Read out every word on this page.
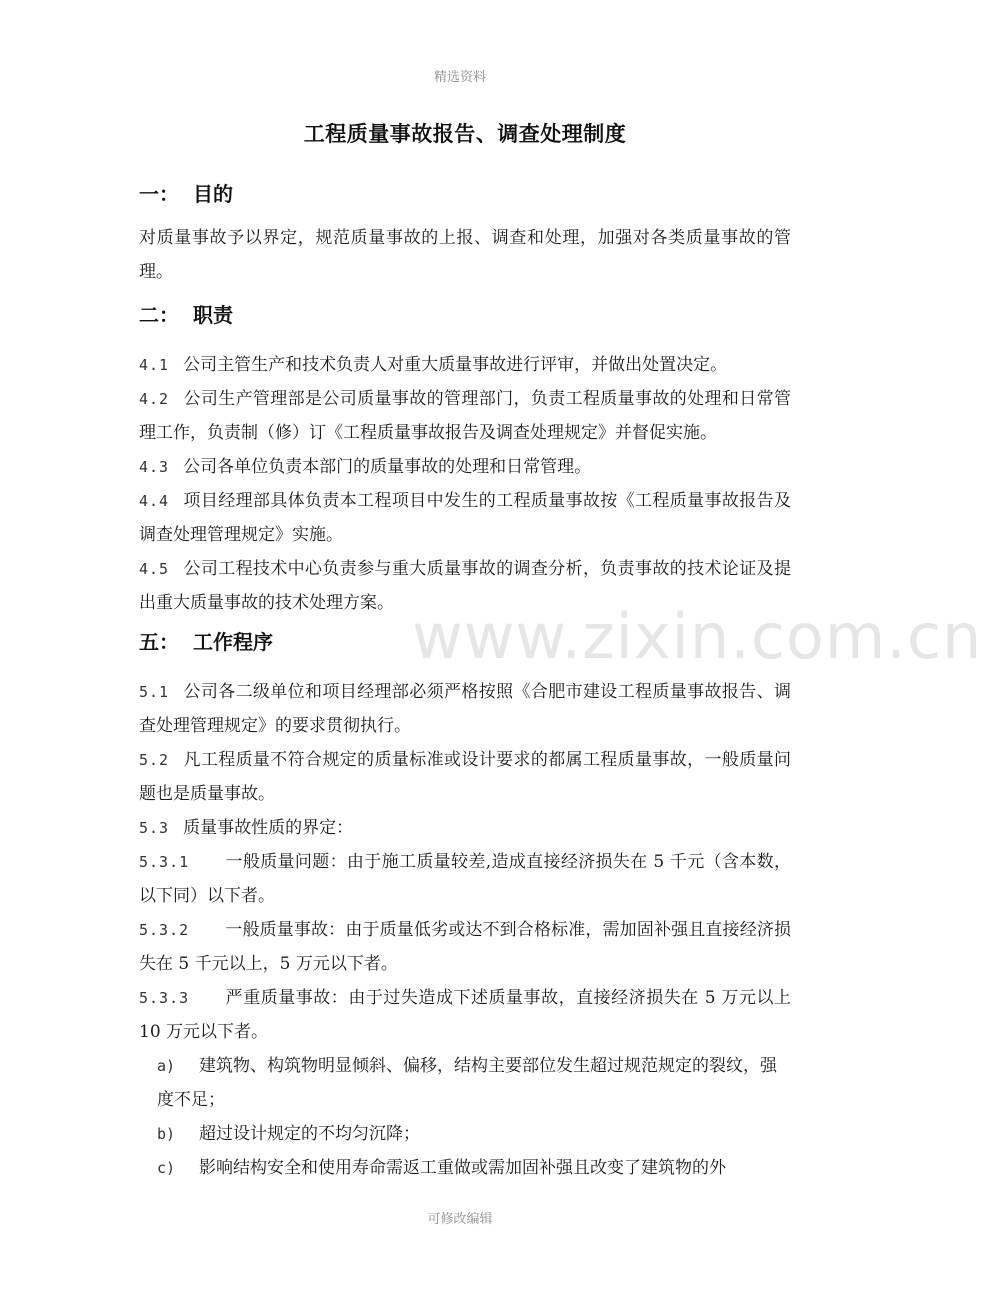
精选资料
www.zixin.com.cn
工程质量事故报告、调查处理制度
一： 目的

对质量事故予以界定，规范质量事故的上报、调查和处理，加强对各类质量事故的管理。

二： 职责

4.1 公司主管生产和技术负责人对重大质量事故进行评审，并做出处置决定。

4.2 公司生产管理部是公司质量事故的管理部门，负责工程质量事故的处理和日常管理工作，负责制（修）订《工程质量事故报告及调查处理规定》并督促实施。

4.3 公司各单位负责本部门的质量事故的处理和日常管理。

4.4 项目经理部具体负责本工程项目中发生的工程质量事故按《工程质量事故报告及调查处理管理规定》实施。

4.5 公司工程技术中心负责参与重大质量事故的调查分析，负责事故的技术论证及提出重大质量事故的技术处理方案。

五： 工作程序

5.1 公司各二级单位和项目经理部必须严格按照《合肥市建设工程质量事故报告、调查处理管理规定》的要求贯彻执行。

5.2 凡工程质量不符合规定的质量标准或设计要求的都属工程质量事故，一般质量问题也是质量事故。

5.3 质量事故性质的界定：

5.3.1 一般质量问题：由于施工质量较差,造成直接经济损失在 5 千元（含本数，以下同）以下者。

5.3.2 一般质量事故：由于质量低劣或达不到合格标准，需加固补强且直接经济损失在 5 千元以上，5 万元以下者。

5.3.3 严重质量事故：由于过失造成下述质量事故，直接经济损失在 5 万元以上 10 万元以下者。

a) 建筑物、构筑物明显倾斜、偏移，结构主要部位发生超过规范规定的裂纹，强度不足；

b) 超过设计规定的不均匀沉降；

c) 影响结构安全和使用寿命需返工重做或需加固补强且改变了建筑物的外

可修改编辑
